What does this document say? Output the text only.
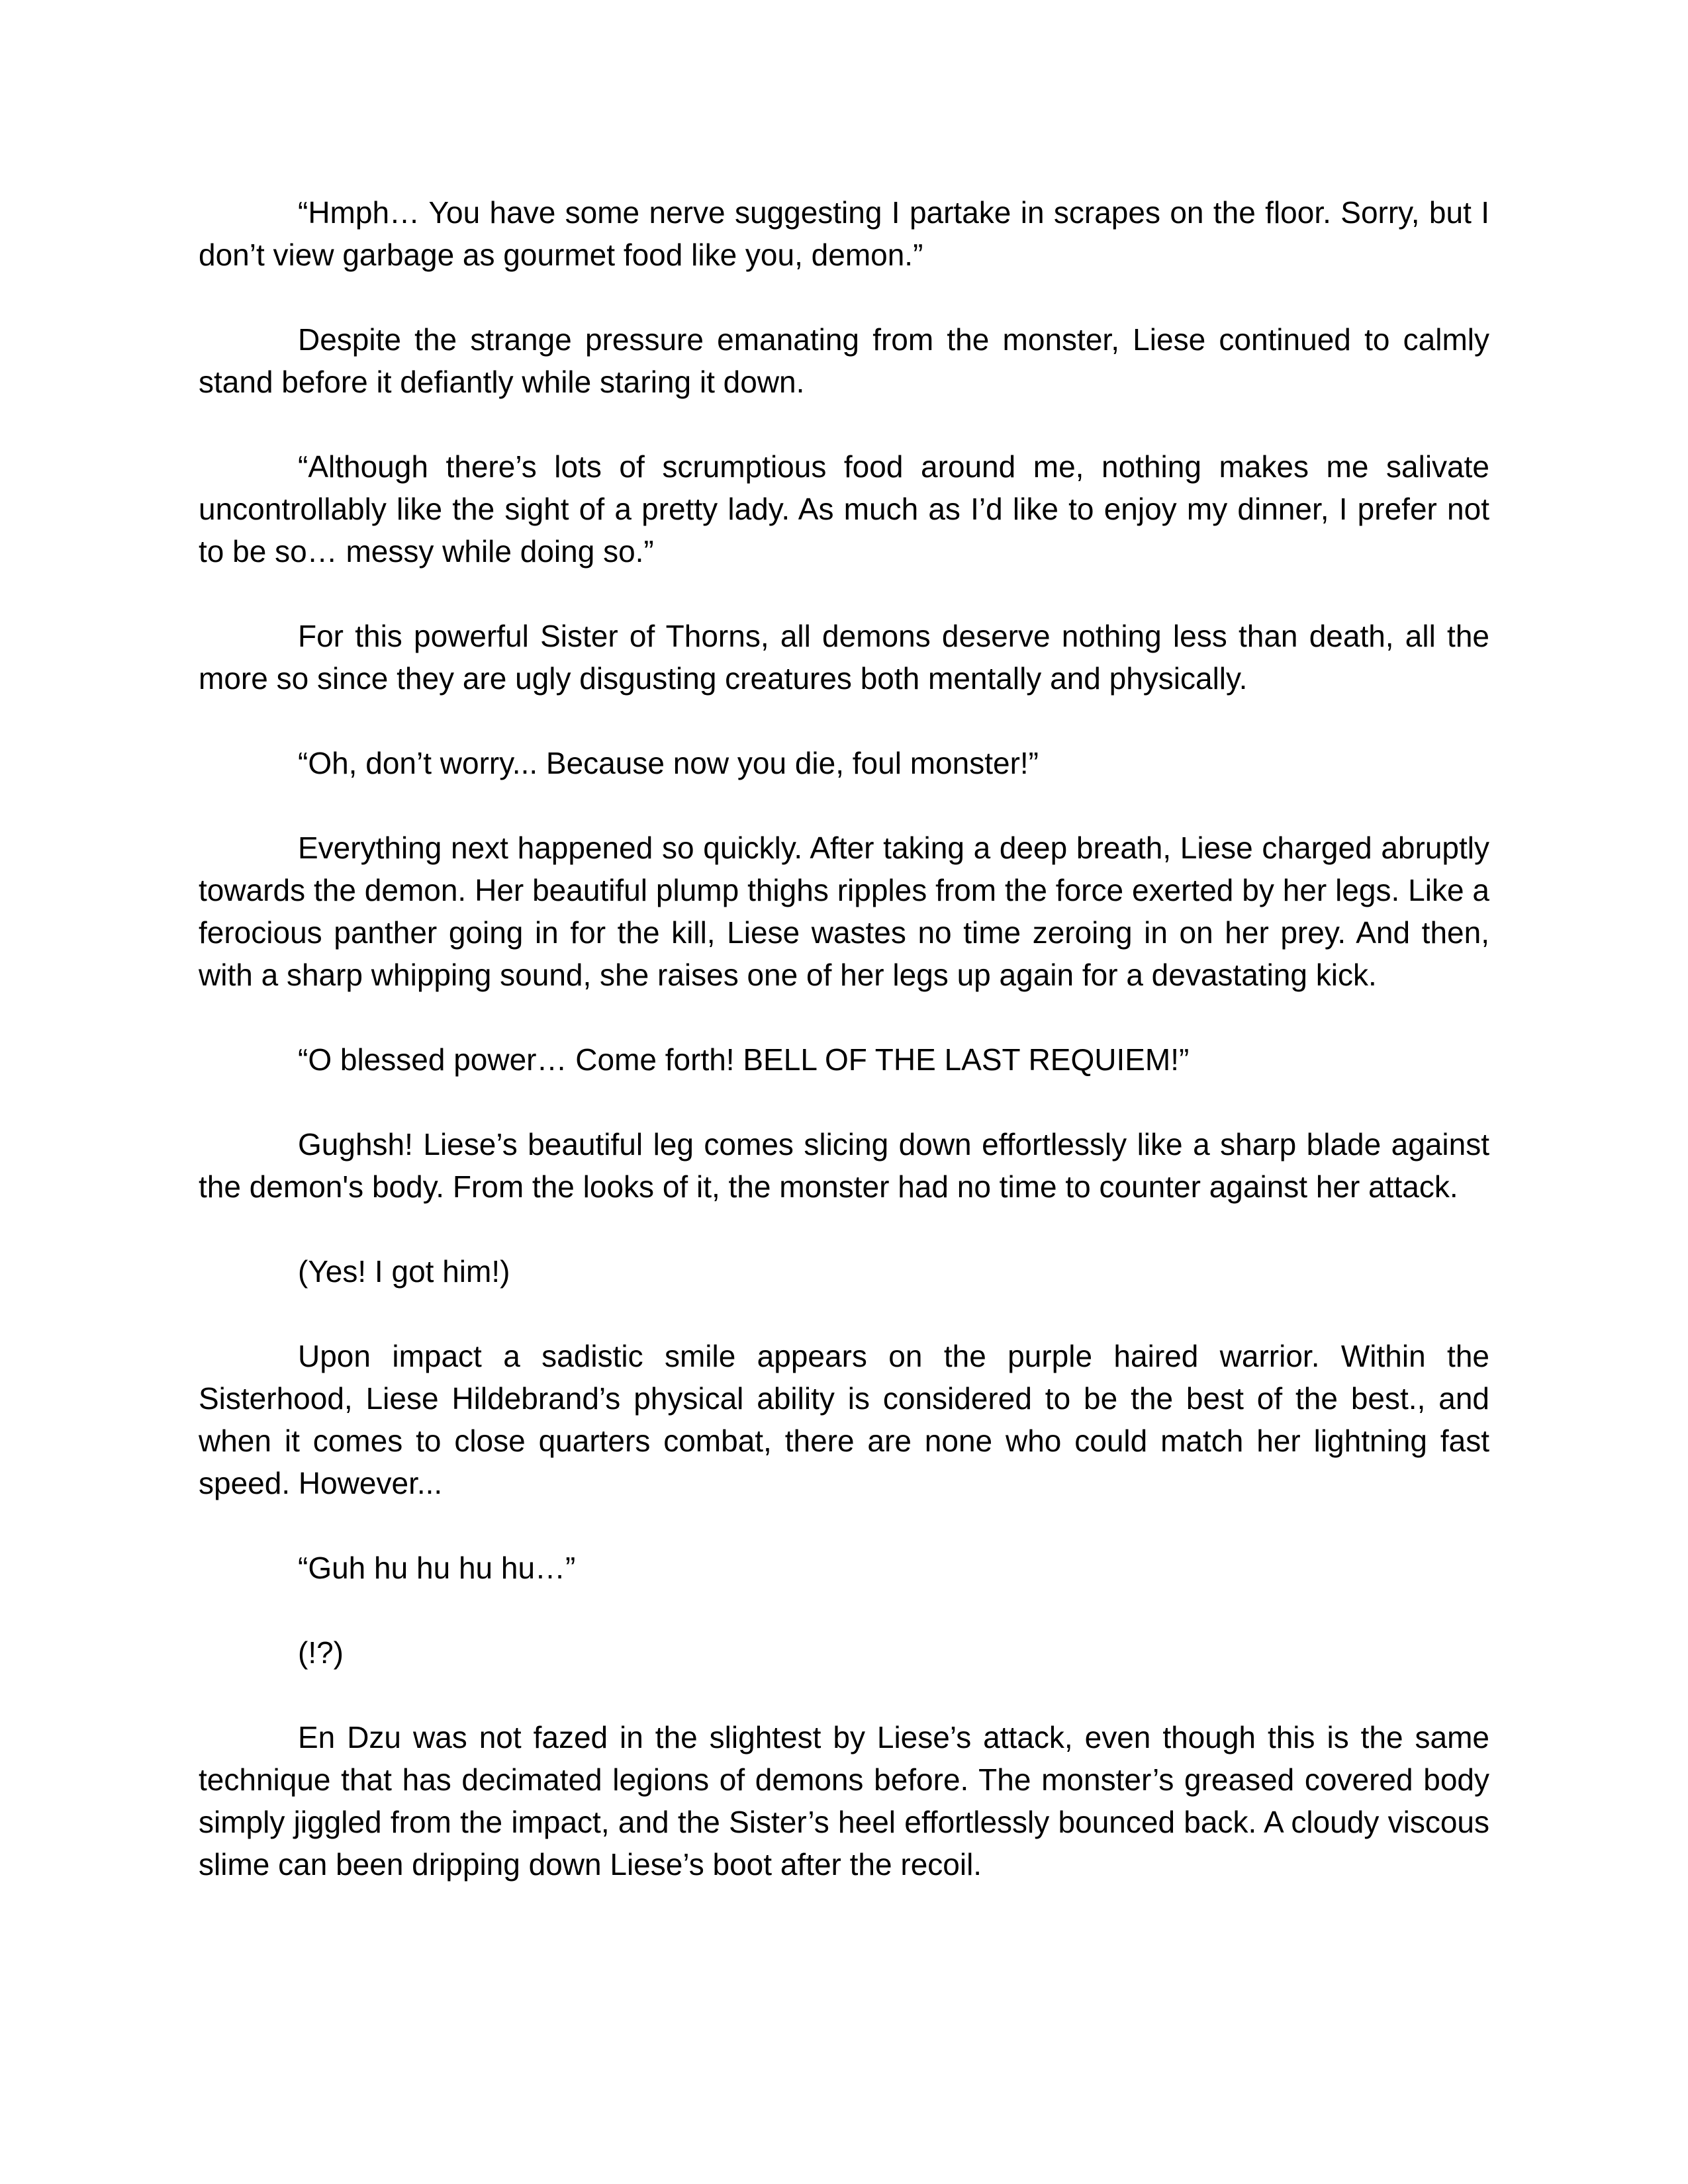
“Hmph… You have some nerve suggesting I partake in scrapes on the floor. Sorry, but I don’t view garbage as gourmet food like you, demon.”

Despite the strange pressure emanating from the monster, Liese continued to calmly stand before it defiantly while staring it down.

“Although there’s lots of scrumptious food around me, nothing makes me salivate uncontrollably like the sight of a pretty lady. As much as I’d like to enjoy my dinner, I prefer not to be so… messy while doing so.”

For this powerful Sister of Thorns, all demons deserve nothing less than death, all the more so since they are ugly disgusting creatures both mentally and physically.

“Oh, don’t worry... Because now you die, foul monster!”

Everything next happened so quickly. After taking a deep breath, Liese charged abruptly towards the demon. Her beautiful plump thighs ripples from the force exerted by her legs. Like a ferocious panther going in for the kill, Liese wastes no time zeroing in on her prey. And then, with a sharp whipping sound, she raises one of her legs up again for a devastating kick.

“O blessed power… Come forth! BELL OF THE LAST REQUIEM!”

Gughsh! Liese’s beautiful leg comes slicing down effortlessly like a sharp blade against the demon's body. From the looks of it, the monster had no time to counter against her attack.

(Yes! I got him!)

Upon impact a sadistic smile appears on the purple haired warrior. Within the Sisterhood, Liese Hildebrand’s physical ability is considered to be the best of the best., and when it comes to close quarters combat, there are none who could match her lightning fast speed. However...

“Guh hu hu hu hu…”

(!?)

En Dzu was not fazed in the slightest by Liese’s attack, even though this is the same technique that has decimated legions of demons before. The monster’s greased covered body simply jiggled from the impact, and the Sister’s heel effortlessly bounced back. A cloudy viscous slime can been dripping down Liese’s boot after the recoil.
